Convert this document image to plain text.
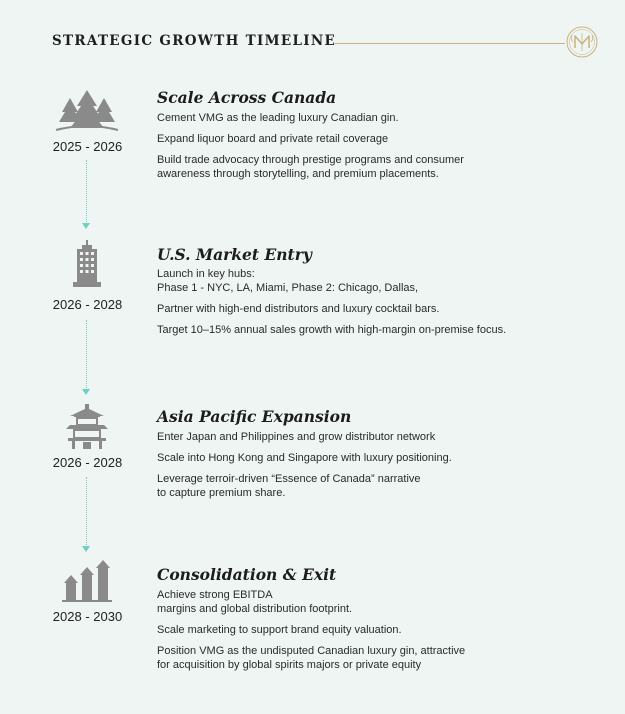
STRATEGIC GROWTH TIMELINE
2025 - 2026
Scale Across Canada
Cement VMG as the leading luxury Canadian gin.
Expand liquor board and private retail coverage
Build trade advocacy through prestige programs and consumer
awareness through storytelling, and premium placements.
2026 - 2028
U.S. Market Entry
Launch in key hubs:
Phase 1 - NYC, LA, Miami, Phase 2: Chicago, Dallas,
Partner with high-end distributors and luxury cocktail bars.
Target 10–15% annual sales growth with high-margin on-premise focus.
2026 - 2028
Asia Pacific Expansion
Enter Japan and Philippines and grow distributor network
Scale into Hong Kong and Singapore with luxury positioning.
Leverage terroir-driven “Essence of Canada” narrative
to capture premium share.
2028 - 2030
Consolidation & Exit
Achieve strong EBITDA
margins and global distribution footprint.
Scale marketing to support brand equity valuation.
Position VMG as the undisputed Canadian luxury gin, attractive
for acquisition by global spirits majors or private equity
